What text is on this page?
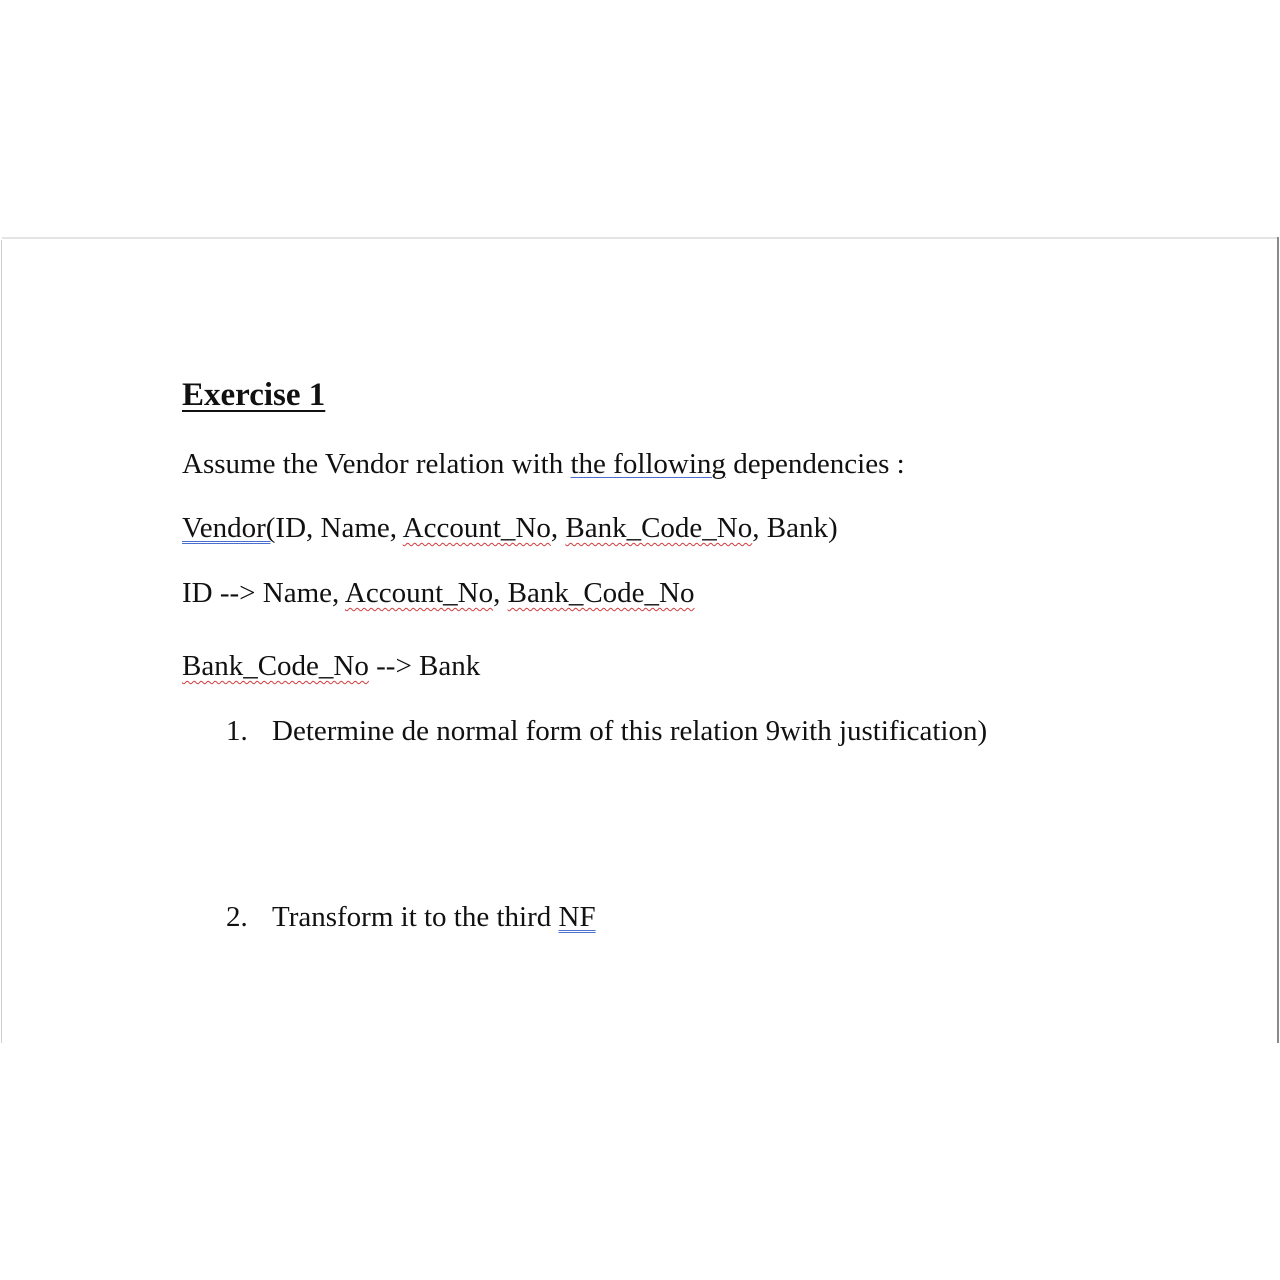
Exercise 1
Assume the Vendor relation with the following dependencies :
Vendor(ID, Name, Account_No, Bank_Code_No, Bank)
ID --> Name, Account_No, Bank_Code_No
Bank_Code_No --> Bank
1. Determine de normal form of this relation 9with justification)
2. Transform it to the third NF
